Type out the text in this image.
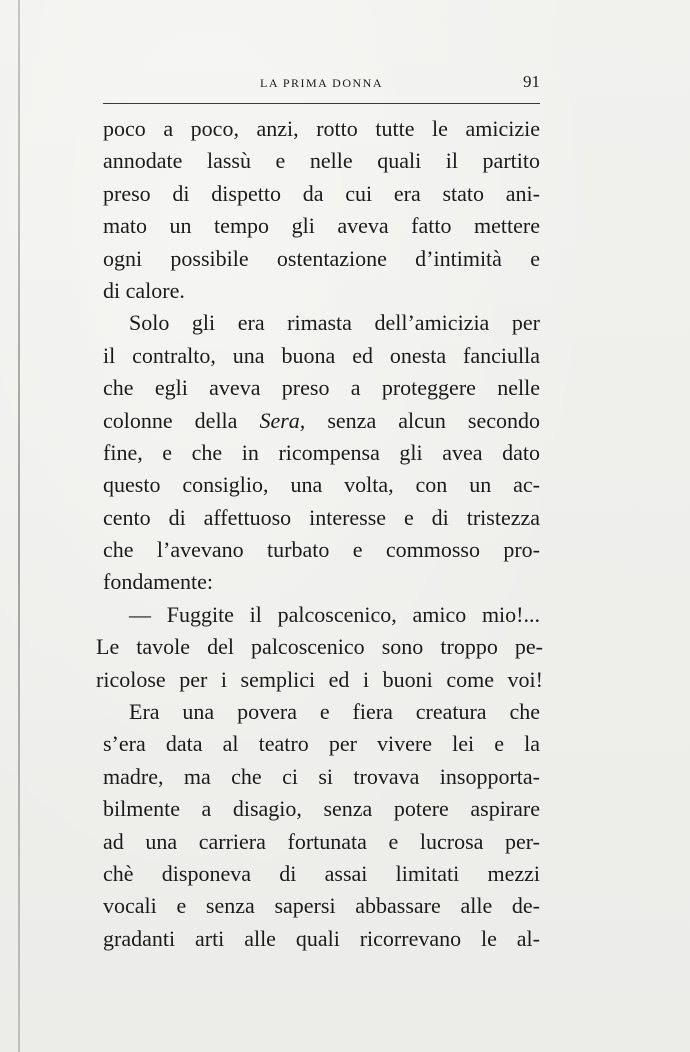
LA PRIMA DONNA	91
poco a poco, anzi, rotto tutte le amicizie
annodate lassù e nelle quali il partito
preso di dispetto da cui era stato ani-
mato un tempo gli aveva fatto mettere
ogni possibile ostentazione d’intimità e
di calore.
Solo gli era rimasta dell’amicizia per
il contralto, una buona ed onesta fanciulla
che egli aveva preso a proteggere nelle
colonne della Sera, senza alcun secondo
fine, e che in ricompensa gli avea dato
questo consiglio, una volta, con un ac-
cento di affettuoso interesse e di tristezza
che l’avevano turbato e commosso pro-
fondamente:
— Fuggite il palcoscenico, amico mio!...
Le tavole del palcoscenico sono troppo pe-
ricolose per i semplici ed i buoni come voi!
Era una povera e fiera creatura che
s’era data al teatro per vivere lei e la
madre, ma che ci si trovava insopporta-
bilmente a disagio, senza potere aspirare
ad una carriera fortunata e lucrosa per-
chè disponeva di assai limitati mezzi
vocali e senza sapersi abbassare alle de-
gradanti arti alle quali ricorrevano le al-
